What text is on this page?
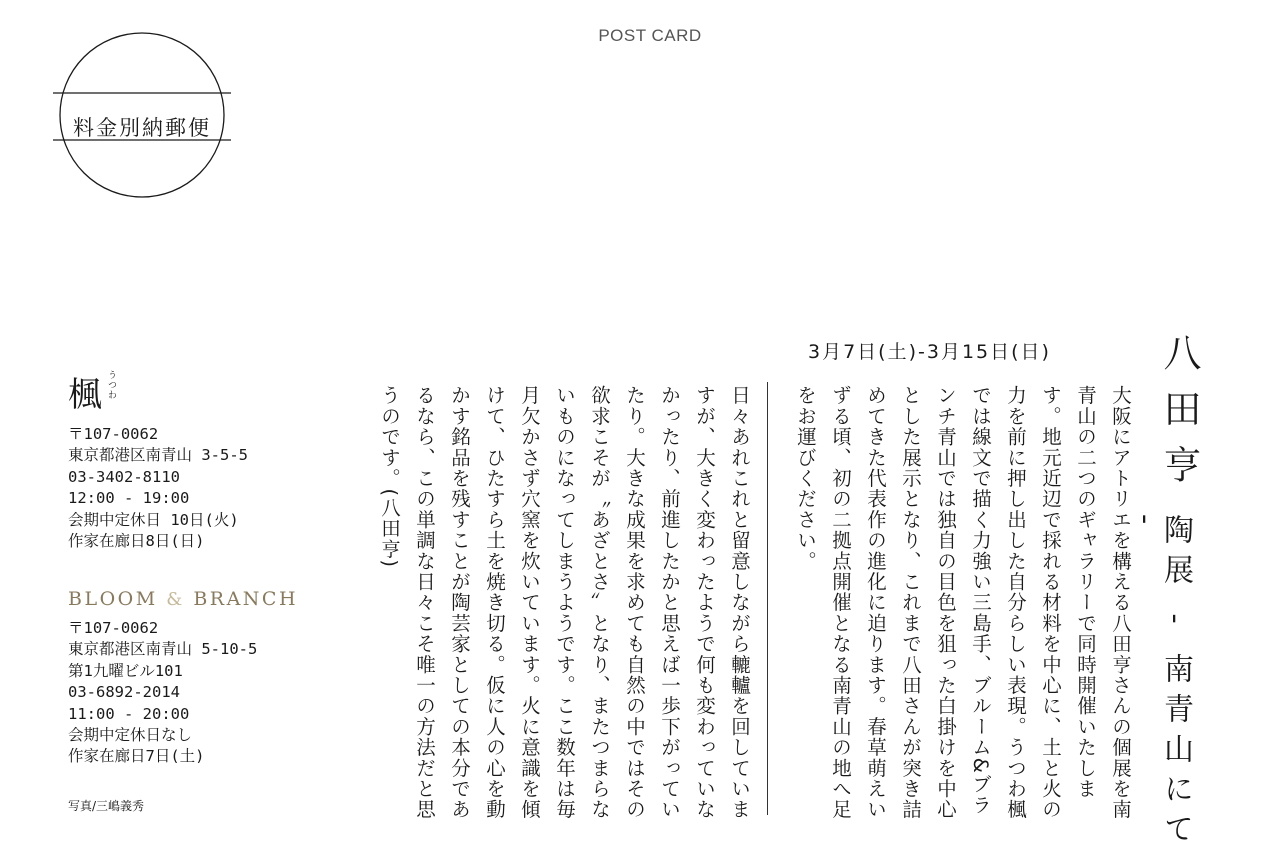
POST CARD
料金別納郵便
八田亨
陶展 - 南青山にて -
3月7日(土)-3月15日(日)
大阪にアトリエを構える八田亨さんの個展を南青山の二つのギャラリーで同時開催いたします。地元近辺で採れる材料を中心に、土と火の力を前に押し出した自分らしい表現。うつわ楓では線文で描く力強い三島手、ブルーム&ブランチ青山では独自の目色を狙った白掛けを中心とした展示となり、これまで八田さんが突き詰めてきた代表作の進化に迫ります。春草萌えいずる頃、初の二拠点開催となる南青山の地へ足をお運びください。
日々あれこれと留意しながら轆轤を回していますが、大きく変わったようで何も変わっていなかったり、前進したかと思えば一歩下がっていたり。大きな成果を求めても自然の中ではその欲求こそが〝あざとさ〟となり、またつまらないものになってしまうようです。ここ数年は毎月欠かさず穴窯を炊いています。火に意識を傾けて、ひたすら土を焼き切る。仮に人の心を動かす銘品を残すことが陶芸家としての本分であるなら、この単調な日々こそ唯一の方法だと思うのです。(八田亨)
楓 うつわ
〒107-0062
東京都港区南青山 3-5-5
03-3402-8110
12:00 - 19:00
会期中定休日 10日(火)
作家在廊日8日(日)
BLOOM & BRANCH
〒107-0062
東京都港区南青山 5-10-5
第1九曜ビル101
03-6892-2014
11:00 - 20:00
会期中定休日なし
作家在廊日7日(土)
写真/三嶋義秀
